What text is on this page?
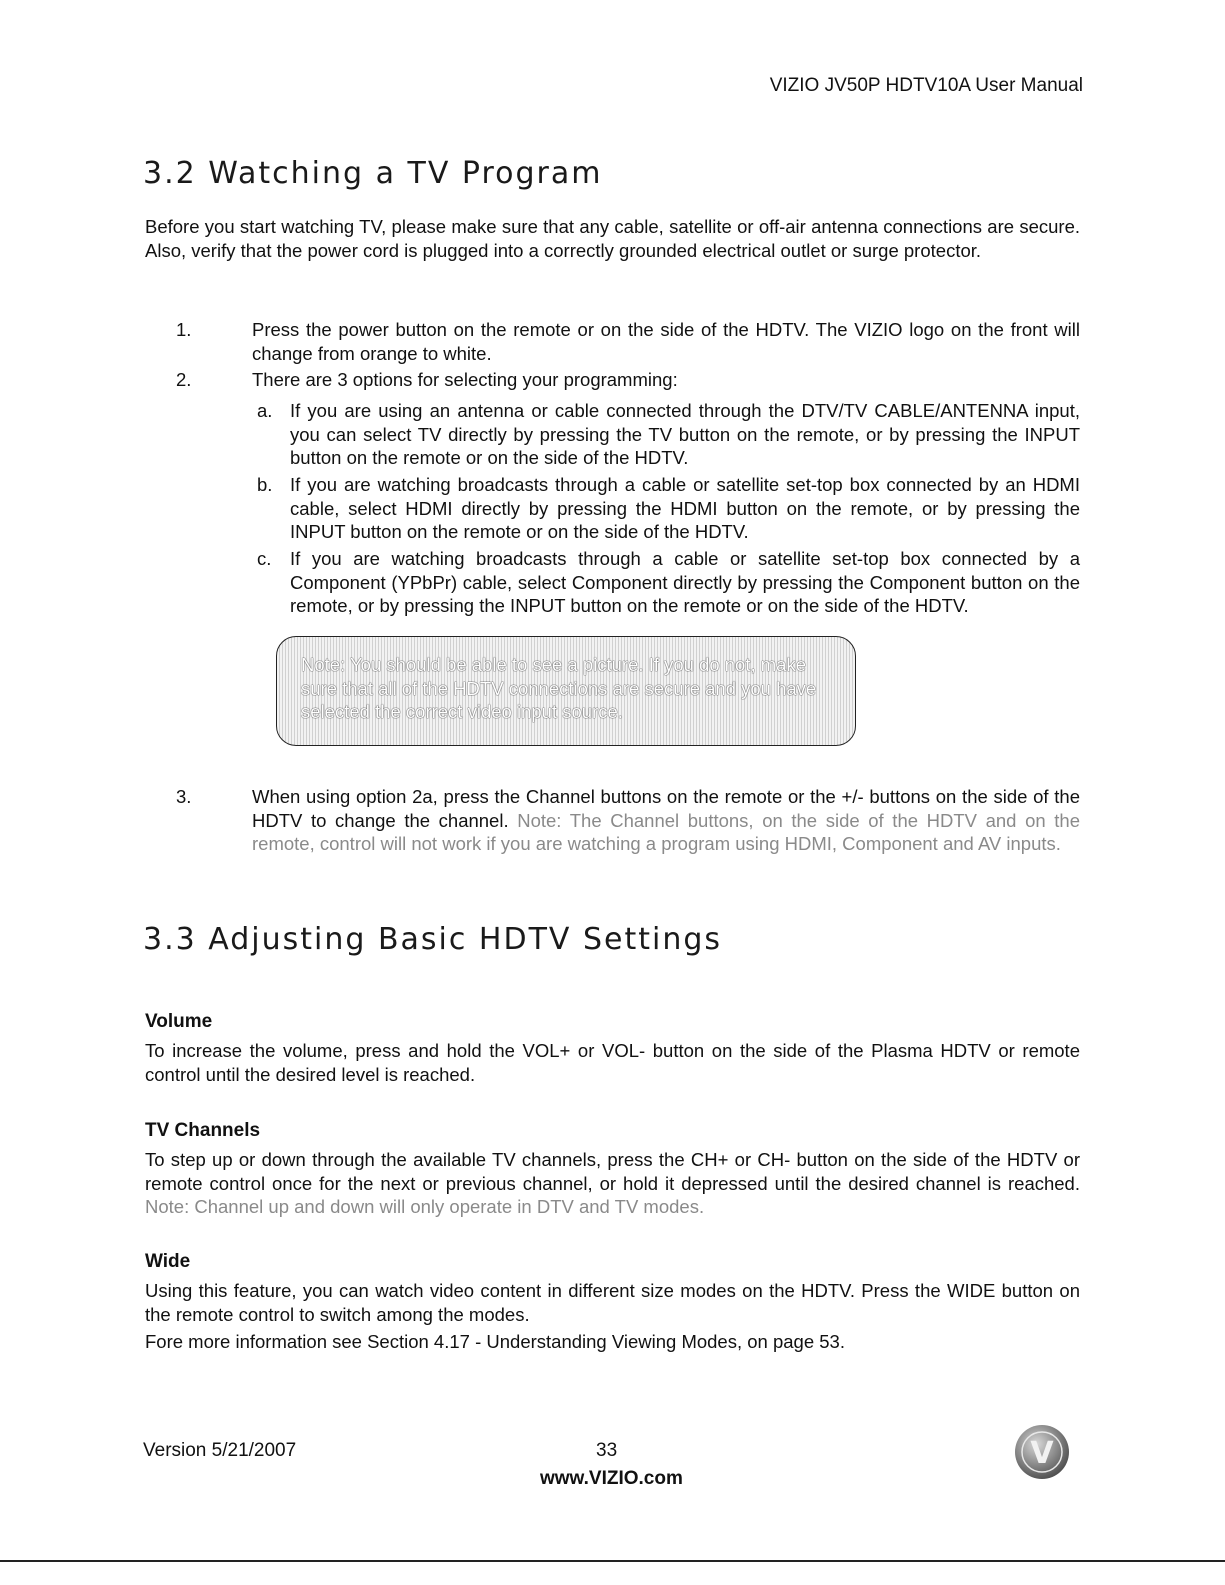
VIZIO JV50P HDTV10A User Manual
3.2 Watching a TV Program
Before you start watching TV, please make sure that any cable, satellite or off-air antenna connections are secure. Also, verify that the power cord is plugged into a correctly grounded electrical outlet or surge protector.
1.	Press the power button on the remote or on the side of the HDTV. The VIZIO logo on the front will change from orange to white.
2.	There are 3 options for selecting your programming:
a. If you are using an antenna or cable connected through the DTV/TV CABLE/ANTENNA input, you can select TV directly by pressing the TV button on the remote, or by pressing the INPUT button on the remote or on the side of the HDTV.
b. If you are watching broadcasts through a cable or satellite set-top box connected by an HDMI cable, select HDMI directly by pressing the HDMI button on the remote, or by pressing the INPUT button on the remote or on the side of the HDTV.
c. If you are watching broadcasts through a cable or satellite set-top box connected by a Component (YPbPr) cable, select Component directly by pressing the Component button on the remote, or by pressing the INPUT button on the remote or on the side of the HDTV.
Note: You should be able to see a picture. If you do not, make sure that all of the HDTV connections are secure and you have selected the correct video input source.
3.	When using option 2a, press the Channel buttons on the remote or the +/- buttons on the side of the HDTV to change the channel. Note: The Channel buttons, on the side of the HDTV and on the remote, control will not work if you are watching a program using HDMI, Component and AV inputs.
3.3 Adjusting Basic HDTV Settings
Volume
To increase the volume, press and hold the VOL+ or VOL- button on the side of the Plasma HDTV or remote control until the desired level is reached.
TV Channels
To step up or down through the available TV channels, press the CH+ or CH- button on the side of the HDTV or remote control once for the next or previous channel, or hold it depressed until the desired channel is reached. Note: Channel up and down will only operate in DTV and TV modes.
Wide
Using this feature, you can watch video content in different size modes on the HDTV. Press the WIDE button on the remote control to switch among the modes.
Fore more information see Section 4.17 - Understanding Viewing Modes, on page 53.
Version 5/21/2007	33
www.VIZIO.com
V
